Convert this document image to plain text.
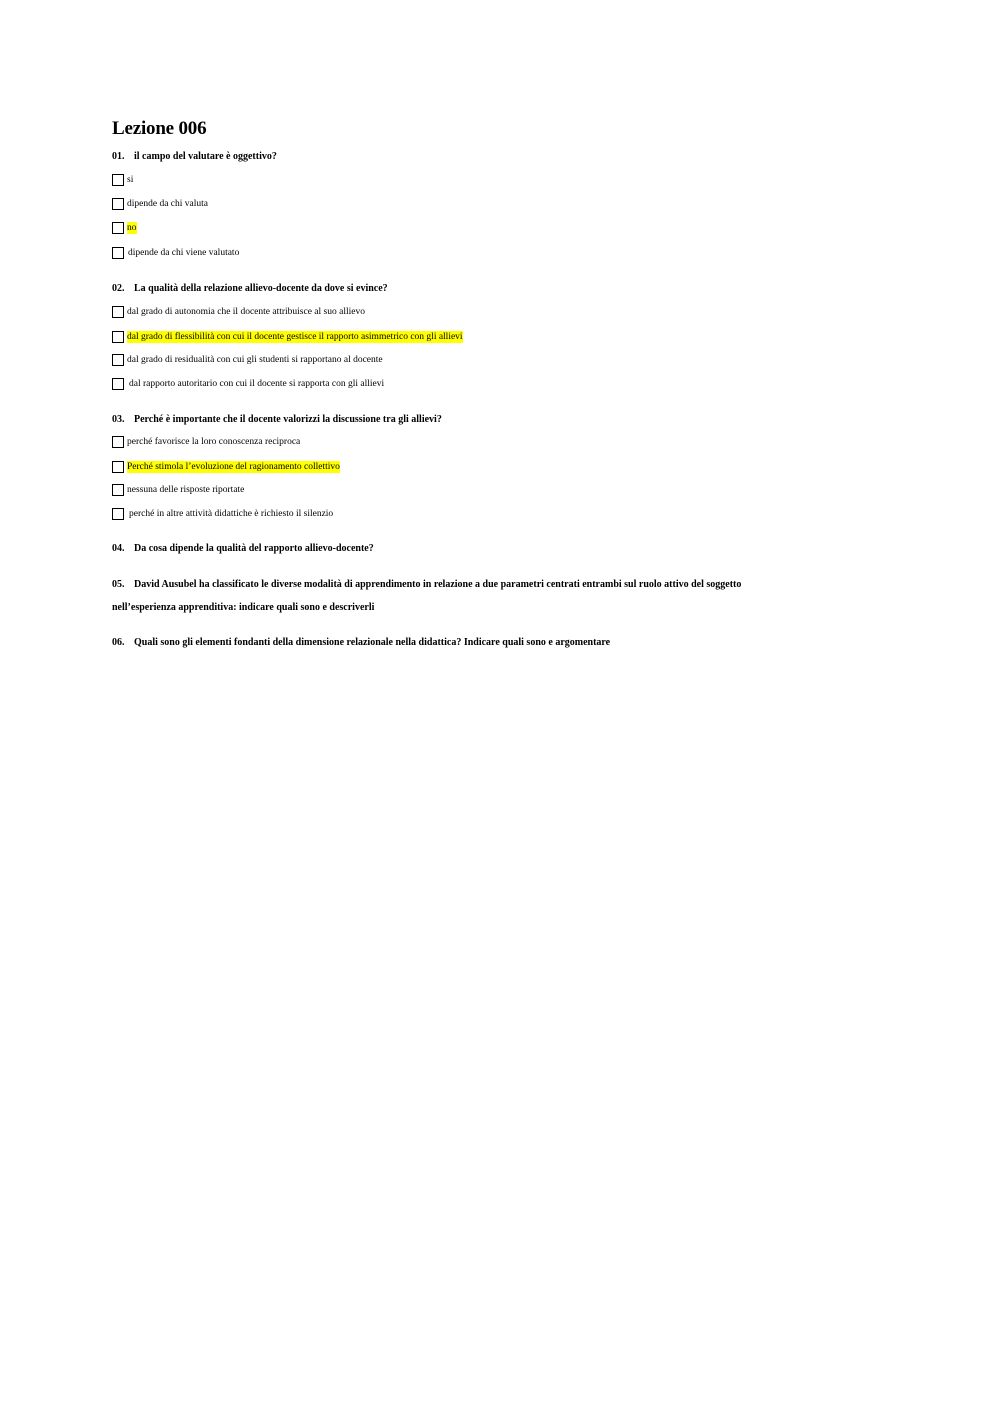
Lezione 006
01. il campo del valutare è oggettivo?
si
dipende da chi valuta
no
dipende da chi viene valutato
02. La qualità della relazione allievo-docente da dove si evince?
dal grado di autonomia che il docente attribuisce al suo allievo
dal grado di flessibilità con cui il docente gestisce il rapporto asimmetrico con gli allievi
dal grado di residualità con cui gli studenti si rapportano al docente
dal rapporto autoritario con cui il docente si rapporta con gli allievi
03. Perché è importante che il docente valorizzi la discussione tra gli allievi?
perché favorisce la loro conoscenza reciproca
Perché stimola l’evoluzione del ragionamento collettivo
nessuna delle risposte riportate
perché in altre attività didattiche è richiesto il silenzio
04. Da cosa dipende la qualità del rapporto allievo-docente?
05. David Ausubel ha classificato le diverse modalità di apprendimento in relazione a due parametri centrati entrambi sul ruolo attivo del soggetto
nell’esperienza apprenditiva: indicare quali sono e descriverli
06. Quali sono gli elementi fondanti della dimensione relazionale nella didattica? Indicare quali sono e argomentare
